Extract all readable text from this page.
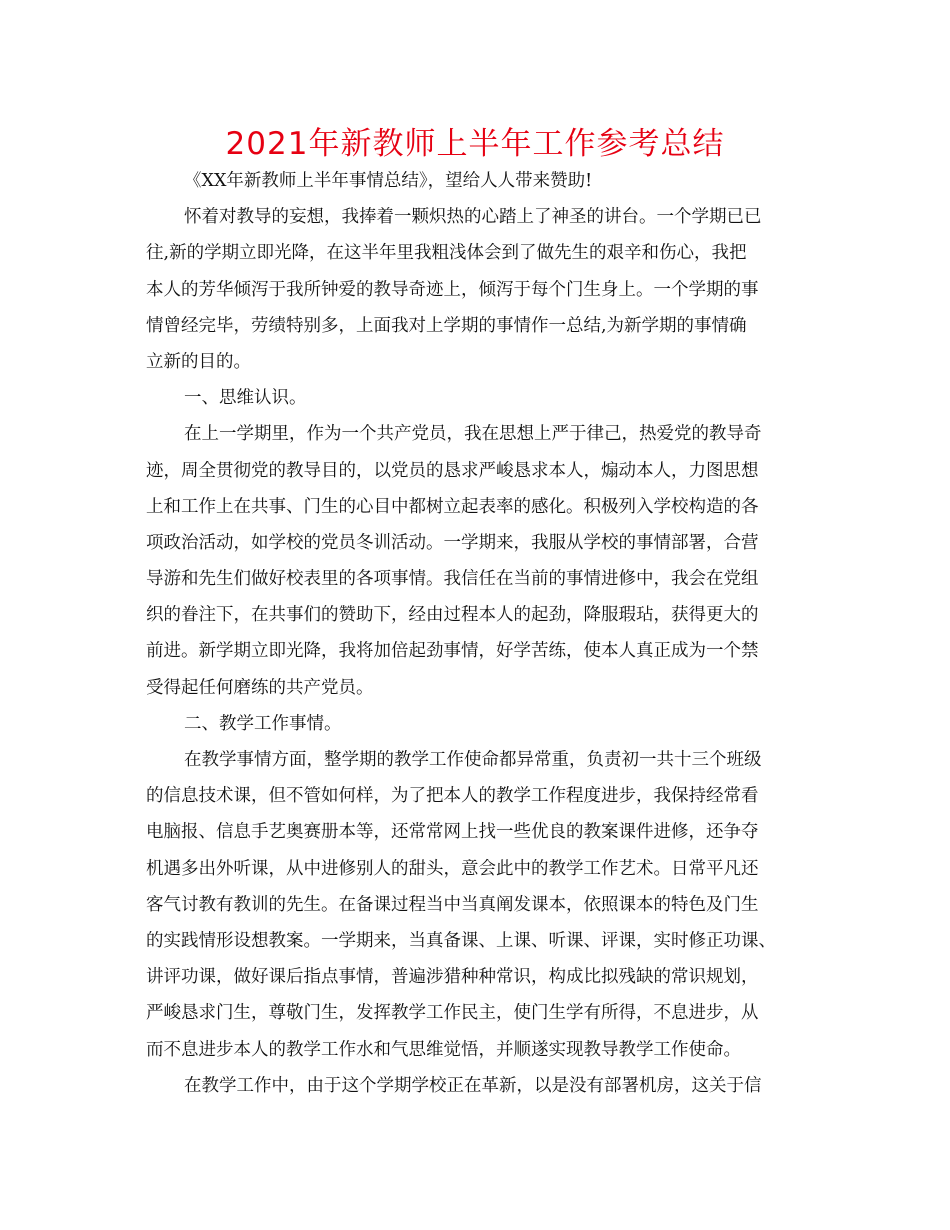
2021年新教师上半年工作参考总结
《XX年新教师上半年事情总结》，望给人人带来赞助!
怀着对教导的妄想，我捧着一颗炽热的心踏上了神圣的讲台。一个学期已已
往,新的学期立即光降，在这半年里我粗浅体会到了做先生的艰辛和伤心，我把
本人的芳华倾泻于我所钟爱的教导奇迹上，倾泻于每个门生身上。一个学期的事
情曾经完毕，劳绩特别多，上面我对上学期的事情作一总结,为新学期的事情确
立新的目的。
一、思维认识。
在上一学期里，作为一个共产党员，我在思想上严于律己，热爱党的教导奇
迹，周全贯彻党的教导目的，以党员的恳求严峻恳求本人，煽动本人，力图思想
上和工作上在共事、门生的心目中都树立起表率的感化。积极列入学校构造的各
项政治活动，如学校的党员冬训活动。一学期来，我服从学校的事情部署，合营
导游和先生们做好校表里的各项事情。我信任在当前的事情进修中，我会在党组
织的眷注下，在共事们的赞助下，经由过程本人的起劲，降服瑕玷，获得更大的
前进。新学期立即光降，我将加倍起劲事情，好学苦练，使本人真正成为一个禁
受得起任何磨练的共产党员。
二、教学工作事情。
在教学事情方面，整学期的教学工作使命都异常重，负责初一共十三个班级
的信息技术课，但不管如何样，为了把本人的教学工作程度进步，我保持经常看
电脑报、信息手艺奥赛册本等，还常常网上找一些优良的教案课件进修，还争夺
机遇多出外听课，从中进修别人的甜头，意会此中的教学工作艺术。日常平凡还
客气讨教有教训的先生。在备课过程当中当真阐发课本，依照课本的特色及门生
的实践情形设想教案。一学期来，当真备课、上课、听课、评课，实时修正功课、
讲评功课，做好课后指点事情，普遍涉猎种种常识，构成比拟残缺的常识规划，
严峻恳求门生，尊敬门生，发挥教学工作民主，使门生学有所得，不息进步，从
而不息进步本人的教学工作水和气思维觉悟，并顺遂实现教导教学工作使命。
在教学工作中，由于这个学期学校正在革新，以是没有部署机房，这关于信
